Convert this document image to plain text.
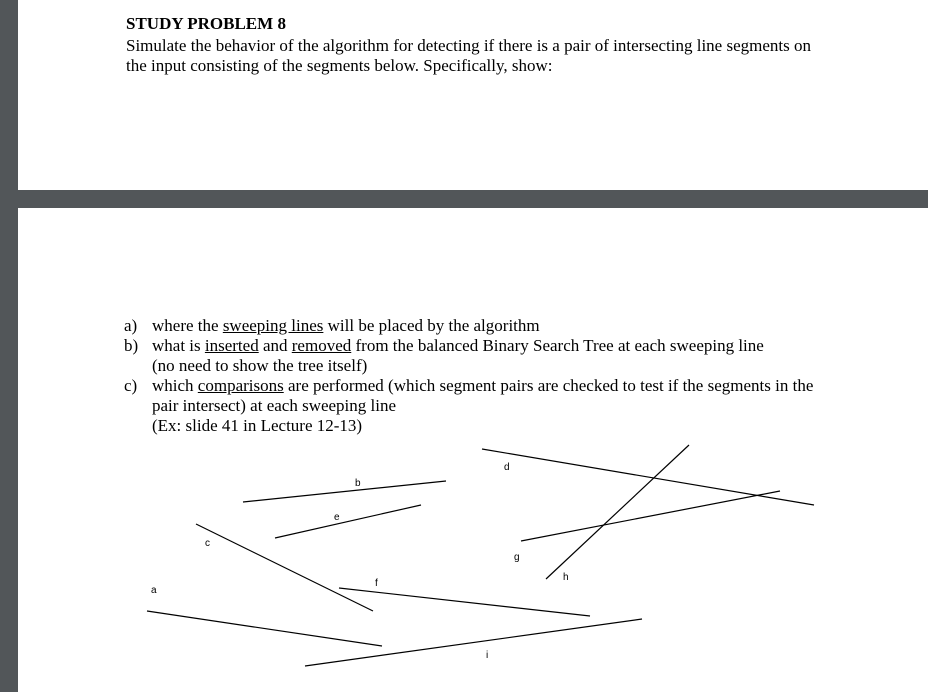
STUDY PROBLEM 8
Simulate the behavior of the algorithm for detecting if there is a pair of intersecting line segments on the input consisting of the segments below. Specifically, show:
a) where the sweeping lines will be placed by the algorithm
b) what is inserted and removed from the balanced Binary Search Tree at each sweeping line
(no need to show the tree itself)
c) which comparisons are performed (which segment pairs are checked to test if the segments in the pair intersect) at each sweeping line
(Ex: slide 41 in Lecture 12-13)
a
b
c
d
e
f
g
h
i
